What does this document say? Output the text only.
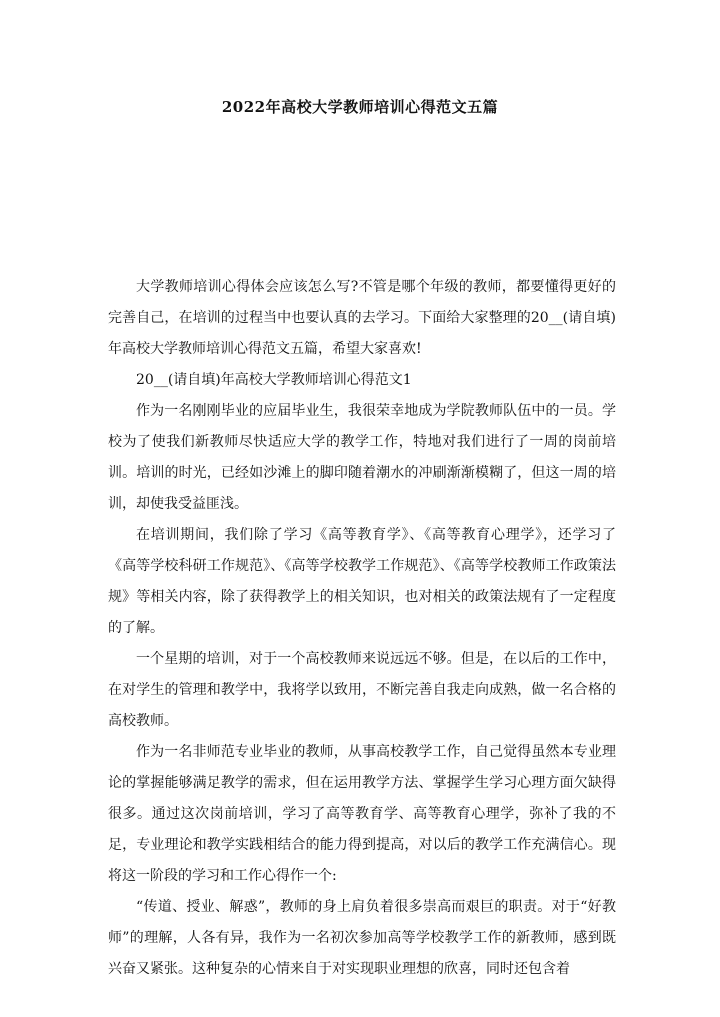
2022年高校大学教师培训心得范文五篇

大学教师培训心得体会应该怎么写?不管是哪个年级的教师，都要懂得更好的完善自己，在培训的过程当中也要认真的去学习。下面给大家整理的20__(请自填)年高校大学教师培训心得范文五篇，希望大家喜欢!

20__(请自填)年高校大学教师培训心得范文1

作为一名刚刚毕业的应届毕业生，我很荣幸地成为学院教师队伍中的一员。学校为了使我们新教师尽快适应大学的教学工作，特地对我们进行了一周的岗前培训。培训的时光，已经如沙滩上的脚印随着潮水的冲刷渐渐模糊了，但这一周的培训，却使我受益匪浅。

在培训期间，我们除了学习《高等教育学》、《高等教育心理学》，还学习了《高等学校科研工作规范》、《高等学校教学工作规范》、《高等学校教师工作政策法规》等相关内容，除了获得教学上的相关知识，也对相关的政策法规有了一定程度的了解。

一个星期的培训，对于一个高校教师来说远远不够。但是，在以后的工作中，在对学生的管理和教学中，我将学以致用，不断完善自我走向成熟，做一名合格的高校教师。

作为一名非师范专业毕业的教师，从事高校教学工作，自己觉得虽然本专业理论的掌握能够满足教学的需求，但在运用教学方法、掌握学生学习心理方面欠缺得很多。通过这次岗前培训，学习了高等教育学、高等教育心理学，弥补了我的不足，专业理论和教学实践相结合的能力得到提高，对以后的教学工作充满信心。现将这一阶段的学习和工作心得作一个:

“传道、授业、解惑”，教师的身上肩负着很多崇高而艰巨的职责。对于“好教师”的理解，人各有异，我作为一名初次参加高等学校教学工作的新教师，感到既兴奋又紧张。这种复杂的心情来自于对实现职业理想的欣喜，同时还包含着
